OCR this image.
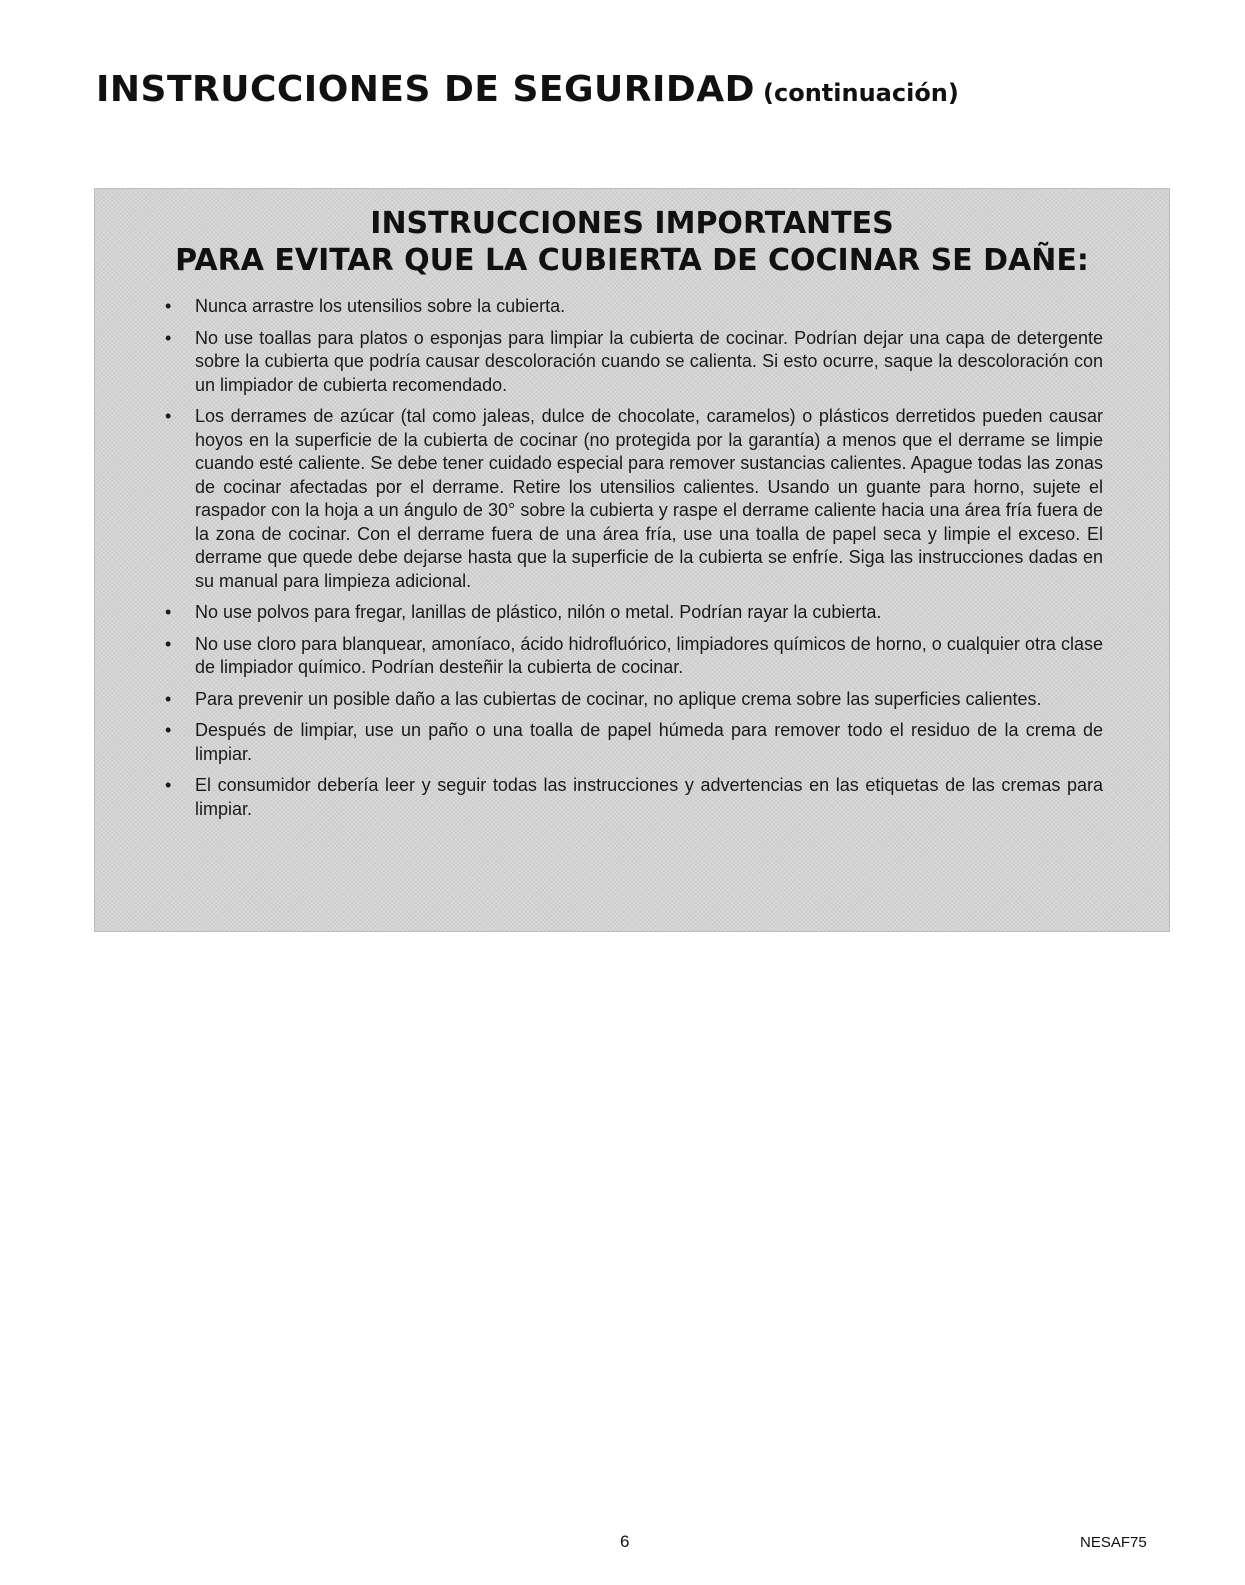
INSTRUCCIONES DE SEGURIDAD (continuación)
INSTRUCCIONES IMPORTANTES
PARA EVITAR QUE LA CUBIERTA DE COCINAR SE DAÑE:
• Nunca arrastre los utensilios sobre la cubierta.
• No use toallas para platos o esponjas para limpiar la cubierta de cocinar. Podrían dejar una capa de detergente sobre la cubierta que podría causar descoloración cuando se calienta. Si esto ocurre, saque la descoloración con un limpiador de cubierta recomendado.
• Los derrames de azúcar (tal como jaleas, dulce de chocolate, caramelos) o plásticos derretidos pueden causar hoyos en la superficie de la cubierta de cocinar (no protegida por la garantía) a menos que el derrame se limpie cuando esté caliente. Se debe tener cuidado especial para remover sustancias calientes. Apague todas las zonas de cocinar afectadas por el derrame. Retire los utensilios calientes. Usando un guante para horno, sujete el raspador con la hoja a un ángulo de 30° sobre la cubierta y raspe el derrame caliente hacia una área fría fuera de la zona de cocinar. Con el derrame fuera de una área fría, use una toalla de papel seca y limpie el exceso. El derrame que quede debe dejarse hasta que la superficie de la cubierta se enfríe. Siga las instrucciones dadas en su manual para limpieza adicional.
• No use polvos para fregar, lanillas de plástico, nilón o metal. Podrían rayar la cubierta.
• No use cloro para blanquear, amoníaco, ácido hidrofluórico, limpiadores químicos de horno, o cualquier otra clase de limpiador químico. Podrían desteñir la cubierta de cocinar.
• Para prevenir un posible daño a las cubiertas de cocinar, no aplique crema sobre las superficies calientes.
• Después de limpiar, use un paño o una toalla de papel húmeda para remover todo el residuo de la crema de limpiar.
• El consumidor debería leer y seguir todas las instrucciones y advertencias en las etiquetas de las cremas para limpiar.
6	NESAF75
